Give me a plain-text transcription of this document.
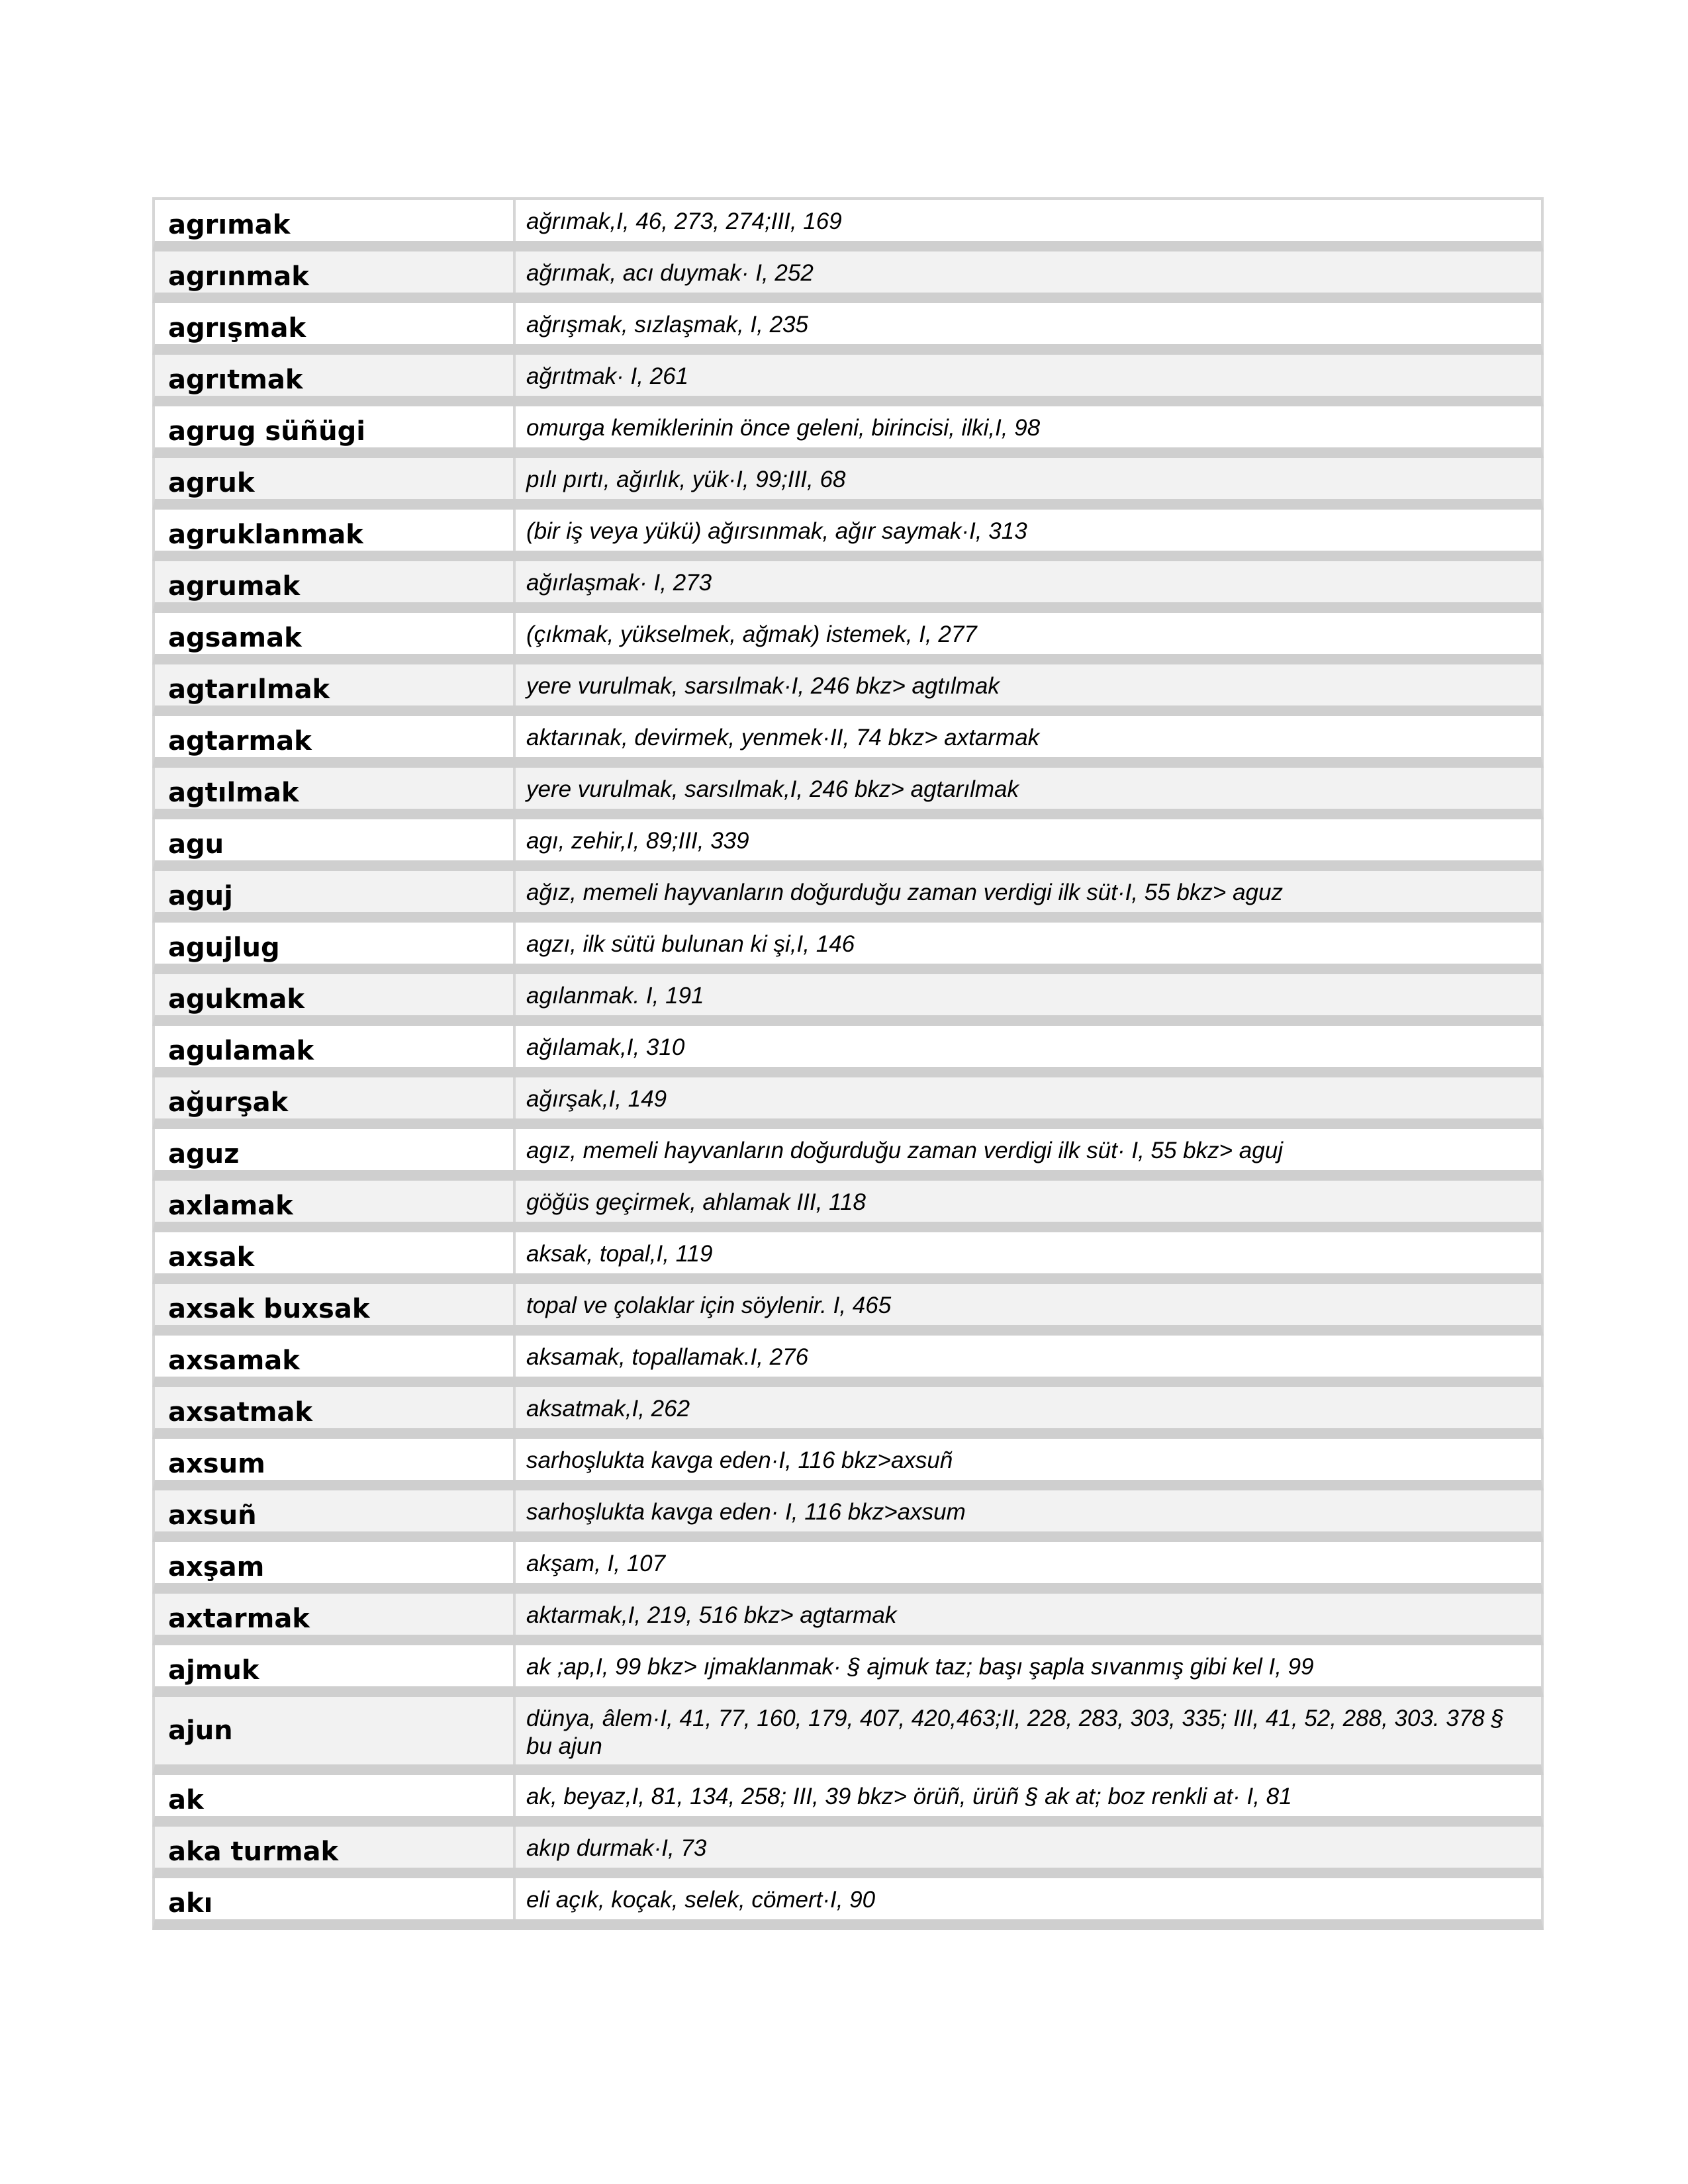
agrımak	ağrımak,I, 46, 273, 274;III, 169
agrınmak	ağrımak, acı duymak· I, 252
agrışmak	ağrışmak, sızlaşmak, I, 235
agrıtmak	ağrıtmak· I, 261
agrug süñügi	omurga kemiklerinin önce geleni, birincisi, ilki,I, 98
agruk	pılı pırtı, ağırlık, yük·I, 99;III, 68
agruklanmak	(bir iş veya yükü) ağırsınmak, ağır saymak·I, 313
agrumak	ağırlaşmak· I, 273
agsamak	(çıkmak, yükselmek, ağmak) istemek, I, 277
agtarılmak	yere vurulmak, sarsılmak·I, 246 bkz> agtılmak
agtarmak	aktarınak, devirmek, yenmek·II, 74 bkz> axtarmak
agtılmak	yere vurulmak, sarsılmak,I, 246 bkz> agtarılmak
agu	agı, zehir,I, 89;III, 339
aguj	ağız, memeli hayvanların doğurduğu zaman verdigi ilk süt·I, 55 bkz> aguz
agujlug	agzı, ilk sütü bulunan ki şi,I, 146
agukmak	agılanmak. I, 191
agulamak	ağılamak,I, 310
ağurşak	ağırşak,I, 149
aguz	agız, memeli hayvanların doğurduğu zaman verdigi ilk süt· I, 55 bkz> aguj
axlamak	göğüs geçirmek, ahlamak III, 118
axsak	aksak, topal,I, 119
axsak buxsak	topal ve çolaklar için söylenir. I, 465
axsamak	aksamak, topallamak.I, 276
axsatmak	aksatmak,I, 262
axsum	sarhoşlukta kavga eden·I, 116 bkz>axsuñ
axsuñ	sarhoşlukta kavga eden· I, 116 bkz>axsum
axşam	akşam, I, 107
axtarmak	aktarmak,I, 219, 516 bkz> agtarmak
ajmuk	ak ;ap,I, 99 bkz> ıjmaklanmak· § ajmuk taz; başı şapla sıvanmış gibi kel I, 99
ajun	dünya, âlem·I, 41, 77, 160, 179, 407, 420,463;II, 228, 283, 303, 335; III, 41, 52, 288, 303. 378 § bu ajun
ak	ak, beyaz,I, 81, 134, 258; III, 39 bkz> örüñ, ürüñ § ak at; boz renkli at· I, 81
aka turmak	akıp durmak·I, 73
akı	eli açık, koçak, selek, cömert·I, 90
